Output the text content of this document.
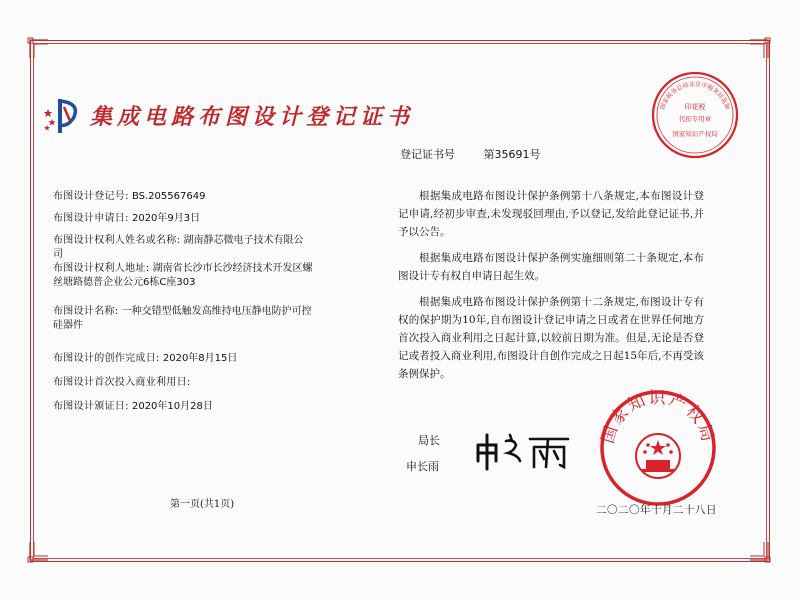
集成电路布图设计登记证书
登记证书号	第35691号
布图设计登记号: BS.205567649
布图设计申请日: 2020年9月3日
布图设计权利人姓名或名称: 湖南静芯微电子技术有限公司
布图设计权利人地址: 湖南省长沙市长沙经济技术开发区螺丝塘路德普企业公元6栋C座303
布图设计名称: 一种交错型低触发高维持电压静电防护可控硅器件
布图设计的创作完成日: 2020年8月15日
布图设计首次投入商业利用日:
布图设计颁证日: 2020年10月28日
根据集成电路布图设计保护条例第十八条规定,本布图设计登记申请,经初步审查,未发现驳回理由,予以登记,发给此登记证书,并予以公告。
根据集成电路布图设计保护条例实施细则第二十条规定,本布图设计专有权自申请日起生效。
根据集成电路布图设计保护条例第十二条规定,布图设计专有权的保护期为10年,自布图设计登记申请之日或者在世界任何地方首次投入商业利用之日起计算,以较前日期为准。但是,无论是否登记或者投入商业利用,布图设计自创作完成之日起15年后,不再受该条例保护。
局长
申长雨
第一页(共1页)
印花税
代扣专用章
国家知识产权局
国家税务总局北京市税务局监制
国家知识产权局
二〇二〇年十月二十八日
